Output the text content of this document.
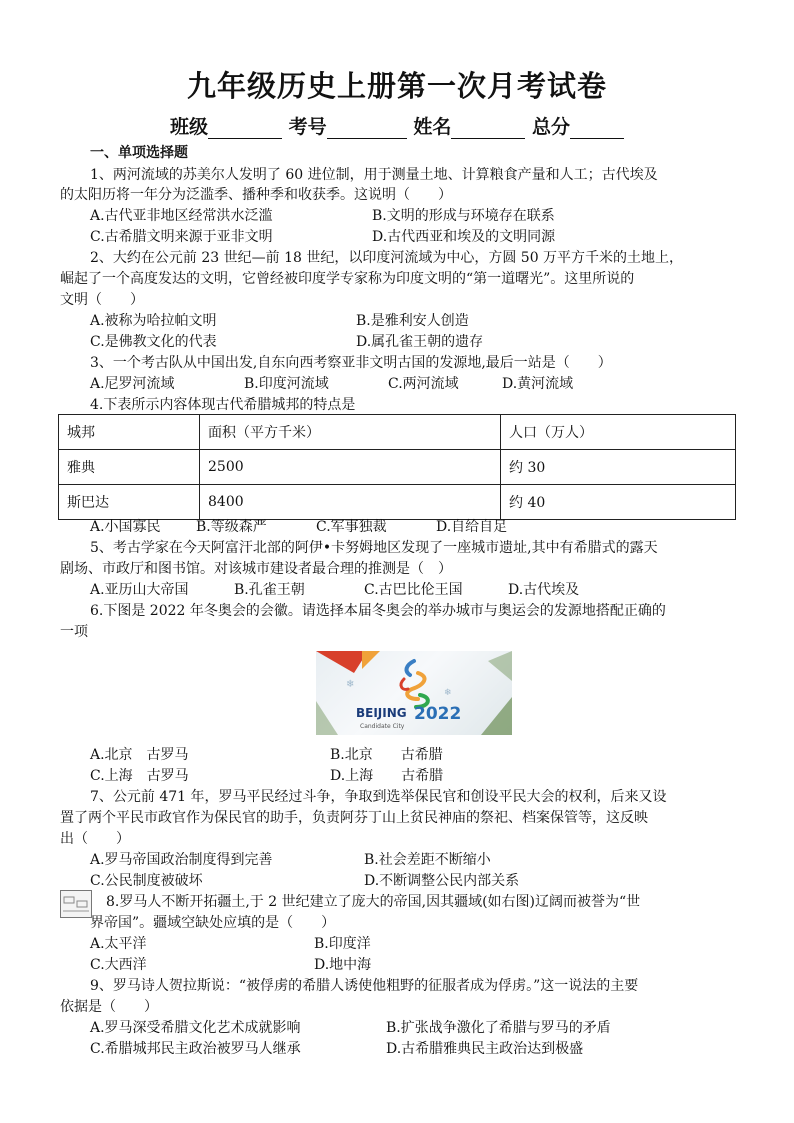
九年级历史上册第一次月考试卷
班级	考号	姓名	总分
一、单项选择题
1、两河流域的苏美尔人发明了 60 进位制，用于测量土地、计算粮食产量和人工；古代埃及
的太阳历将一年分为泛滥季、播种季和收获季。这说明（　　）
A.古代亚非地区经常洪水泛滥	B.文明的形成与环境存在联系
C.古希腊文明来源于亚非文明	D.古代西亚和埃及的文明同源
2、大约在公元前 23 世纪—前 18 世纪，以印度河流域为中心，方圆 50 万平方千米的土地上，
崛起了一个高度发达的文明，它曾经被印度学专家称为印度文明的“第一道曙光”。这里所说的
文明（　　）
A.被称为哈拉帕文明	B.是雅利安人创造
C.是佛教文化的代表	D.属孔雀王朝的遗存
3、一个考古队从中国出发,自东向西考察亚非文明古国的发源地,最后一站是（　　）
A.尼罗河流域	B.印度河流域	C.两河流域	D.黄河流域
4.下表所示内容体现古代希腊城邦的特点是
城邦	面积（平方千米）	人口（万人）
雅典	2500	约 30
斯巴达	8400	约 40
A.小国寡民	B.等级森严	C.军事独裁	D.自给自足
5、考古学家在今天阿富汗北部的阿伊•卡努姆地区发现了一座城市遗址,其中有希腊式的露天
剧场、市政厅和图书馆。对该城市建设者最合理的推测是（　）
A.亚历山大帝国	B.孔雀王朝	C.古巴比伦王国	D.古代埃及
6.下图是 2022 年冬奥会的会徽。请选择本届冬奥会的举办城市与奥运会的发源地搭配正确的
一项
BEIJING 2022
Candidate City
❄
❄
A.北京　古罗马	B.北京　　古希腊
C.上海　古罗马	D.上海　　古希腊
7、公元前 471 年，罗马平民经过斗争，争取到选举保民官和创设平民大会的权利，后来又设
置了两个平民市政官作为保民官的助手，负责阿芬丁山上贫民神庙的祭祀、档案保管等，这反映
出（　　）
A.罗马帝国政治制度得到完善	B.社会差距不断缩小
C.公民制度被破坏	D.不断调整公民内部关系
8.罗马人不断开拓疆土,于 2 世纪建立了庞大的帝国,因其疆域(如右图)辽阔而被誉为“世
界帝国”。疆域空缺处应填的是（　　）
A.太平洋	B.印度洋
C.大西洋	D.地中海
9、罗马诗人贺拉斯说：“被俘虏的希腊人诱使他粗野的征服者成为俘虏。”这一说法的主要
依据是（　　）
A.罗马深受希腊文化艺术成就影响	B.扩张战争激化了希腊与罗马的矛盾
C.希腊城邦民主政治被罗马人继承	D.古希腊雅典民主政治达到极盛
